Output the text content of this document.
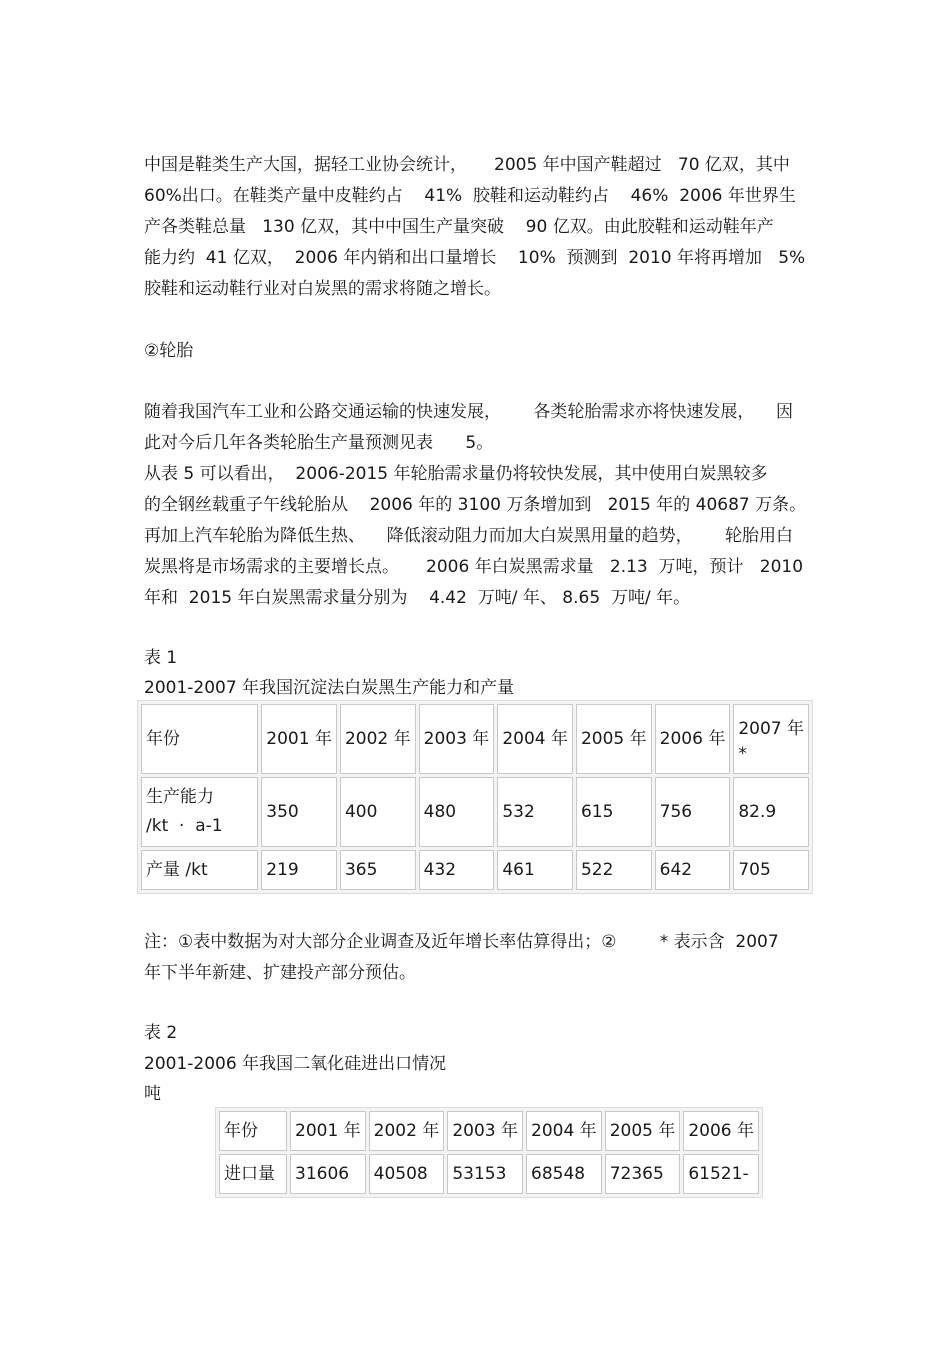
中国是鞋类生产大国，据轻工业协会统计，     2005 年中国产鞋超过   70 亿双，其中
60%出口。在鞋类产量中皮鞋约占    41%  胶鞋和运动鞋约占    46%  2006 年世界生
产各类鞋总量   130 亿双，其中中国生产量突破    90 亿双。由此胶鞋和运动鞋年产
能力约  41 亿双，  2006 年内销和出口量增长    10%  预测到  2010 年将再增加   5%
胶鞋和运动鞋行业对白炭黑的需求将随之增长。

②轮胎

随着我国汽车工业和公路交通运输的快速发展，      各类轮胎需求亦将快速发展，    因
此对今后几年各类轮胎生产量预测见表      5。
从表 5 可以看出，  2006-2015 年轮胎需求量仍将较快发展，其中使用白炭黑较多
的全钢丝载重子午线轮胎从    2006 年的 3100 万条增加到   2015 年的 40687 万条。
再加上汽车轮胎为降低生热、    降低滚动阻力而加大白炭黑用量的趋势，      轮胎用白
炭黑将是市场需求的主要增长点。     2006 年白炭黑需求量   2.13  万吨，预计   2010
年和  2015 年白炭黑需求量分别为    4.42  万吨/ 年、 8.65  万吨/ 年。

表 1

2001-2007 年我国沉淀法白炭黑生产能力和产量

年份	2001 年	2002 年	2003 年	2004 年	2005 年	2006 年	2007 年
*

生产能力
/kt  ·  a-1	350	400	480	532	615	756	82.9
产量 /kt	219	365	432	461	522	642	705

注：①表中数据为对大部分企业调查及近年增长率估算得出；②        * 表示含  2007
年下半年新建、扩建投产部分预估。

表 2

2001-2006 年我国二氧化硅进出口情况

吨

年份	2001 年	2002 年	2003 年	2004 年	2005 年	2006 年
进口量	31606	40508	53153	68548	72365	61521-
